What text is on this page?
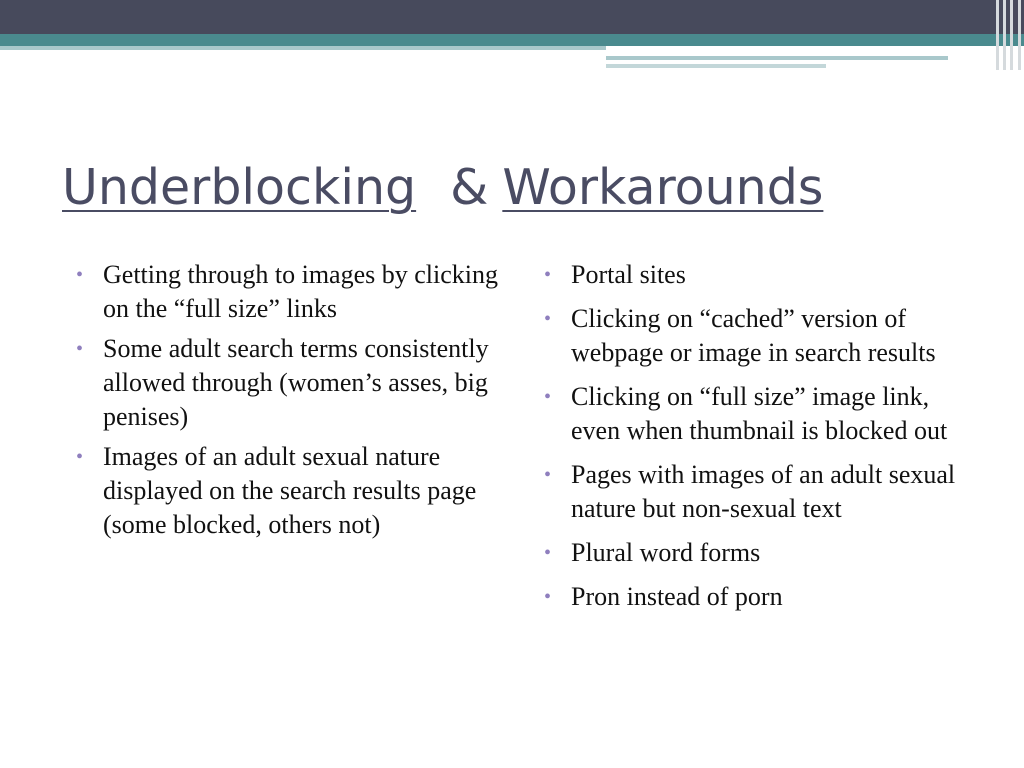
Underblocking & Workarounds
• Getting through to images by clicking on the “full size” links
• Some adult search terms consistently allowed through (women’s asses, big penises)
• Images of an adult sexual nature displayed on the search results page (some blocked, others not)
• Portal sites
• Clicking on “cached” version of webpage or image in search results
• Clicking on “full size” image link, even when thumbnail is blocked out
• Pages with images of an adult sexual nature but non-sexual text
• Plural word forms
• Pron instead of porn
